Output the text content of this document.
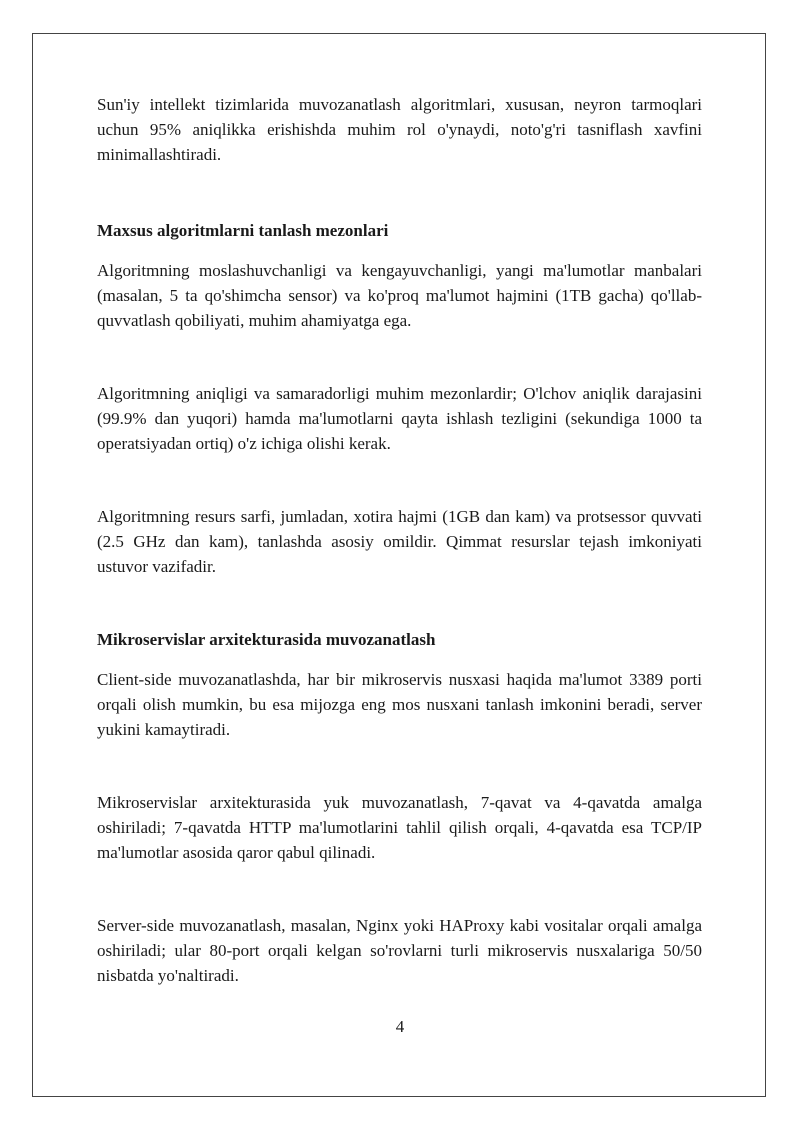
Sun'iy intellekt tizimlarida muvozanatlash algoritmlari, xususan, neyron tarmoqlari uchun 95% aniqlikka erishishda muhim rol o'ynaydi, noto'g'ri tasniflash xavfini minimallashtiradi.

Maxsus algoritmlarni tanlash mezonlari

Algoritmning moslashuvchanligi va kengayuvchanligi, yangi ma'lumotlar manbalari (masalan, 5 ta qo'shimcha sensor) va ko'proq ma'lumot hajmini (1TB gacha) qo'llab-quvvatlash qobiliyati, muhim ahamiyatga ega.

Algoritmning aniqligi va samaradorligi muhim mezonlardir; O'lchov aniqlik darajasini (99.9% dan yuqori) hamda ma'lumotlarni qayta ishlash tezligini (sekundiga 1000 ta operatsiyadan ortiq) o'z ichiga olishi kerak.

Algoritmning resurs sarfi, jumladan, xotira hajmi (1GB dan kam) va protsessor quvvati (2.5 GHz dan kam), tanlashda asosiy omildir. Qimmat resurslar tejash imkoniyati ustuvor vazifadir.

Mikroservislar arxitekturasida muvozanatlash

Client-side muvozanatlashda, har bir mikroservis nusxasi haqida ma'lumot 3389 porti orqali olish mumkin, bu esa mijozga eng mos nusxani tanlash imkonini beradi, server yukini kamaytiradi.

Mikroservislar arxitekturasida yuk muvozanatlash, 7-qavat va 4-qavatda amalga oshiriladi; 7-qavatda HTTP ma'lumotlarini tahlil qilish orqali, 4-qavatda esa TCP/IP ma'lumotlar asosida qaror qabul qilinadi.

Server-side muvozanatlash, masalan, Nginx yoki HAProxy kabi vositalar orqali amalga oshiriladi; ular 80-port orqali kelgan so'rovlarni turli mikroservis nusxalariga 50/50 nisbatda yo'naltiradi.

4
